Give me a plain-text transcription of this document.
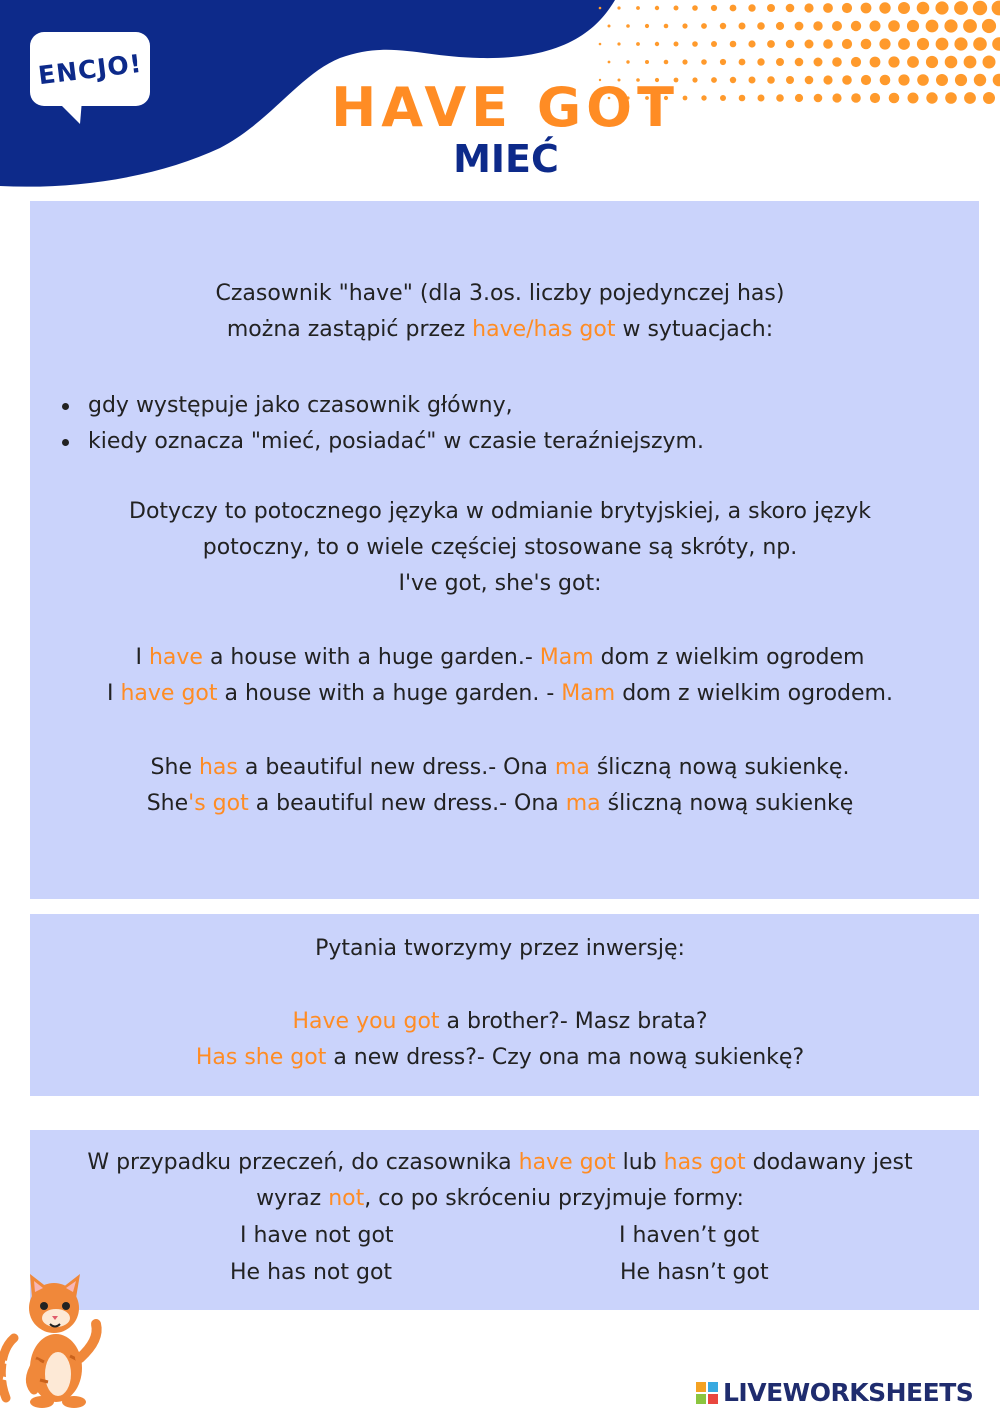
ENCJO!
HAVE GOT
MIEĆ
Czasownik "have" (dla 3.os. liczby pojedynczej has)
można zastąpić przez have/has got w sytuacjach:
gdy występuje jako czasownik główny,
kiedy oznacza "mieć, posiadać" w czasie teraźniejszym.
Dotyczy to potocznego języka w odmianie brytyjskiej, a skoro język
potoczny, to o wiele częściej stosowane są skróty, np.
I've got, she's got:
I have a house with a huge garden.- Mam dom z wielkim ogrodem
I have got a house with a huge garden. - Mam dom z wielkim ogrodem.
She has a beautiful new dress.- Ona ma śliczną nową sukienkę.
She's got a beautiful new dress.- Ona ma śliczną nową sukienkę
Pytania tworzymy przez inwersję:
Have you got a brother?- Masz brata?
Has she got a new dress?- Czy ona ma nową sukienkę?
W przypadku przeczeń, do czasownika have got lub has got dodawany jest
wyraz not, co po skróceniu przyjmuje formy:
I have not got	I haven’t got
He has not got	He hasn’t got
LIVEWORKSHEETS
